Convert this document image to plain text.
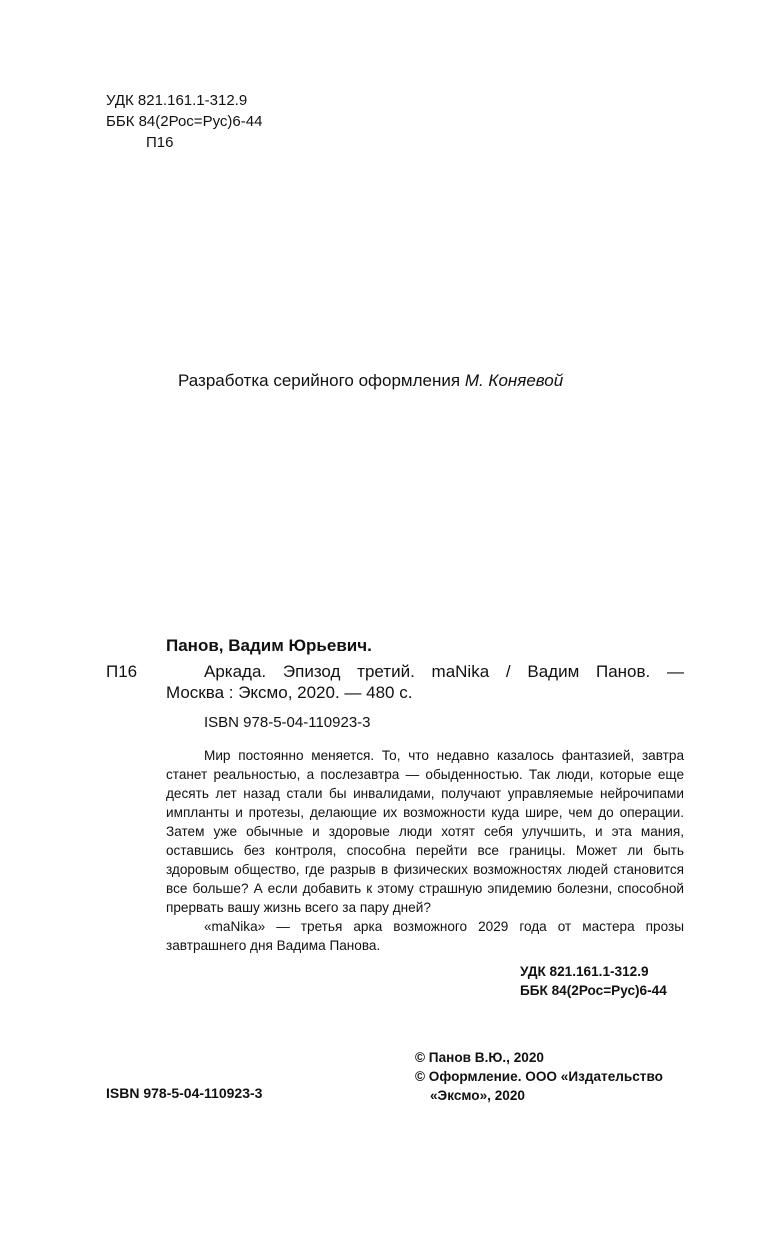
УДК 821.161.1-312.9
ББК 84(2Рос=Рус)6-44
П16
Разработка серийного оформления М. Коняевой
Панов, Вадим Юрьевич.
П16	Аркада. Эпизод третий. maNika / Вадим Панов. —
Москва : Эксмо, 2020. — 480 с.
ISBN 978-5-04-110923-3

Мир постоянно меняется. То, что недавно казалось фантазией, завтра станет реальностью, а послезавтра — обыденностью. Так люди, которые еще десять лет назад стали бы инвалидами, получают управляемые нейрочипами импланты и протезы, делающие их возможности куда шире, чем до операции. Затем уже обычные и здоровые люди хотят себя улучшить, и эта мания, оставшись без контроля, способна перейти все границы. Может ли быть здоровым общество, где разрыв в физических возможностях людей становится все больше? А если добавить к этому страшную эпидемию болезни, способной прервать вашу жизнь всего за пару дней?

«maNika» — третья арка возможного 2029 года от мастера прозы завтрашнего дня Вадима Панова.

УДК 821.161.1-312.9
ББК 84(2Рос=Рус)6-44
© Панов В.Ю., 2020
© Оформление. ООО «Издательство
«Эксмо», 2020
ISBN 978-5-04-110923-3
